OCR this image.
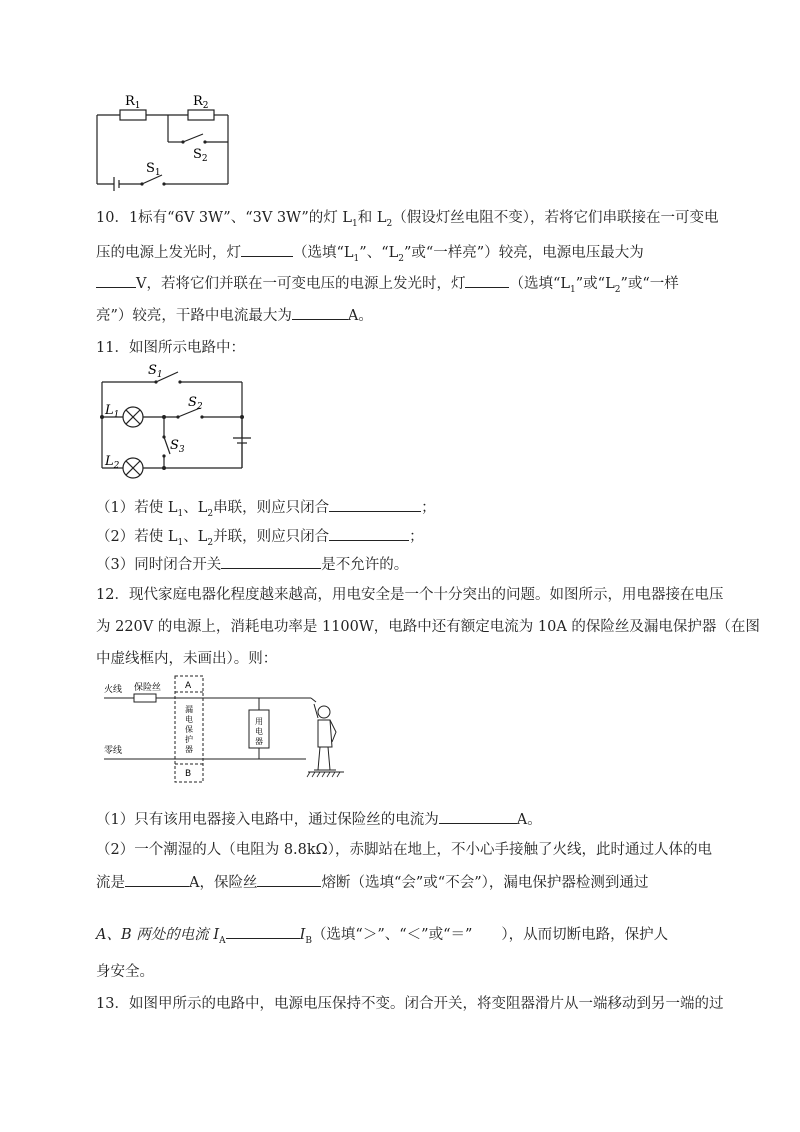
$R_1$	$R_2$
$S_2$
$S_1$
10．1标有“6V 3W”、“3V 3W”的灯 $L_1$和 $L_2$（假设灯丝电阻不变），若将它们串联接在一可变电
压的电源上发光时，灯	（选填“$L_1$”、“$L_2$”或“一样亮”）较亮，电源电压最大为
V，若将它们并联在一可变电压的电源上发光时，灯	（选填“$L_1$”或“$L_2$”或“一样
亮”）较亮，干路中电流最大为	A。
11．如图所示电路中：
$S_1$
$S_2$
$S_3$
$L_1$
$L_2$
（1）若使 $L_1$、$L_2$串联，则应只闭合	；
（2）若使 $L_1$、$L_2$并联，则应只闭合	；
（3）同时闭合开关	是不允许的。
12．现代家庭电器化程度越来越高，用电安全是一个十分突出的问题。如图所示，用电器接在电压
为 220V 的电源上，消耗电功率是 1100W，电路中还有额定电流为 10A 的保险丝及漏电保护器（在图
中虚线框内，未画出）。则：
火线 保险丝
零线
A
B
漏
电
保
护
器
用
电
器
（1）只有该用电器接入电路中，通过保险丝的电流为	A。
（2）一个潮湿的人（电阻为 8.8kΩ），赤脚站在地上，不小心手接触了火线，此时通过人体的电
流是	A，保险丝	熔断（选填“会”或“不会”），漏电保护器检测到通过
A、B 两处的电流 $I_A$	$I_B$（选填“＞”、“＜”或“＝”　　），从而切断电路，保护人
身安全。
13．如图甲所示的电路中，电源电压保持不变。闭合开关，将变阻器滑片从一端移动到另一端的过
